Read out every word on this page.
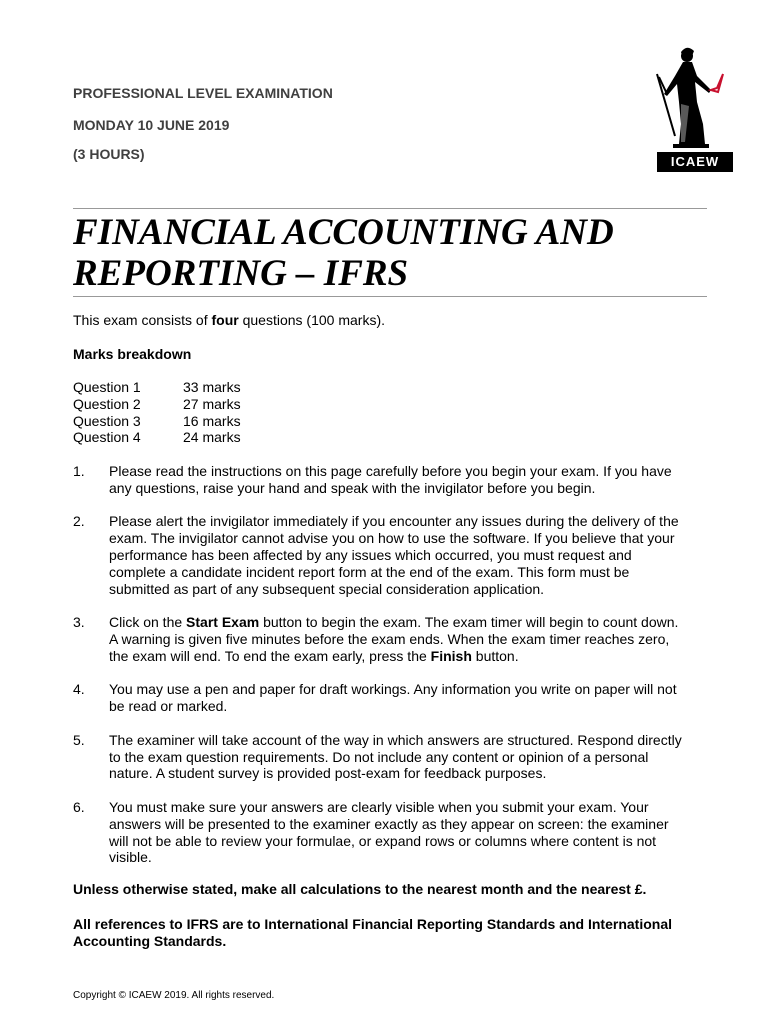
PROFESSIONAL LEVEL EXAMINATION
MONDAY 10 JUNE 2019
(3 HOURS)	ICAEW
FINANCIAL ACCOUNTING AND
REPORTING – IFRS
This exam consists of four questions (100 marks).
Marks breakdown
Question 1	33 marks
Question 2	27 marks
Question 3	16 marks
Question 4	24 marks
1.	Please read the instructions on this page carefully before you begin your exam. If you have
any questions, raise your hand and speak with the invigilator before you begin.
2.	Please alert the invigilator immediately if you encounter any issues during the delivery of the
exam. The invigilator cannot advise you on how to use the software. If you believe that your
performance has been affected by any issues which occurred, you must request and
complete a candidate incident report form at the end of the exam. This form must be
submitted as part of any subsequent special consideration application.
3.	Click on the Start Exam button to begin the exam. The exam timer will begin to count down.
A warning is given five minutes before the exam ends. When the exam timer reaches zero,
the exam will end. To end the exam early, press the Finish button.
4.	You may use a pen and paper for draft workings. Any information you write on paper will not
be read or marked.
5.	The examiner will take account of the way in which answers are structured. Respond directly
to the exam question requirements. Do not include any content or opinion of a personal
nature. A student survey is provided post-exam for feedback purposes.
6.	You must make sure your answers are clearly visible when you submit your exam. Your
answers will be presented to the examiner exactly as they appear on screen: the examiner
will not be able to review your formulae, or expand rows or columns where content is not
visible.
Unless otherwise stated, make all calculations to the nearest month and the nearest £.
All references to IFRS are to International Financial Reporting Standards and International
Accounting Standards.
Copyright © ICAEW 2019. All rights reserved.
